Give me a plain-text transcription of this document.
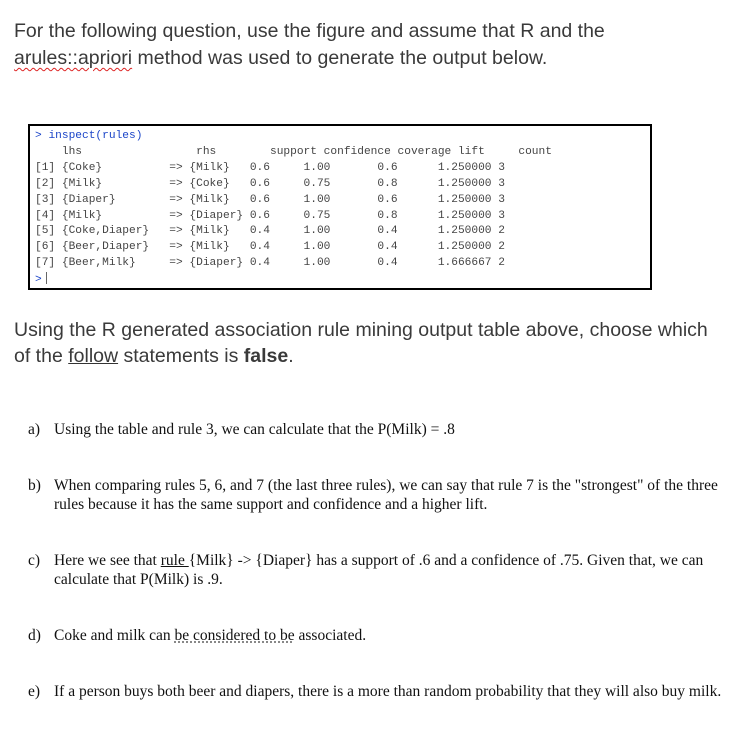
For the following question, use the figure and assume that R and the arules::apriori method was used to generate the output below.
> inspect(rules)
lhs                 rhs        support confidence coverage lift     count
[1] {Coke}          => {Milk}   0.6     1.00       0.6      1.250000 3
[2] {Milk}          => {Coke}   0.6     0.75       0.8      1.250000 3
[3] {Diaper}        => {Milk}   0.6     1.00       0.6      1.250000 3
[4] {Milk}          => {Diaper} 0.6     0.75       0.8      1.250000 3
[5] {Coke,Diaper}   => {Milk}   0.4     1.00       0.4      1.250000 2
[6] {Beer,Diaper}   => {Milk}   0.4     1.00       0.4      1.250000 2
[7] {Beer,Milk}     => {Diaper} 0.4     1.00       0.4      1.666667 2
>
Using the R generated association rule mining output table above, choose which of the follow statements is false.
a) Using the table and rule 3, we can calculate that the P(Milk) = .8
b) When comparing rules 5, 6, and 7 (the last three rules), we can say that rule 7 is the "strongest" of the three rules because it has the same support and confidence and a higher lift.
c) Here we see that rule {Milk} -> {Diaper} has a support of .6 and a confidence of .75. Given that, we can calculate that P(Milk) is .9.
d) Coke and milk can be considered to be associated.
e) If a person buys both beer and diapers, there is a more than random probability that they will also buy milk.
